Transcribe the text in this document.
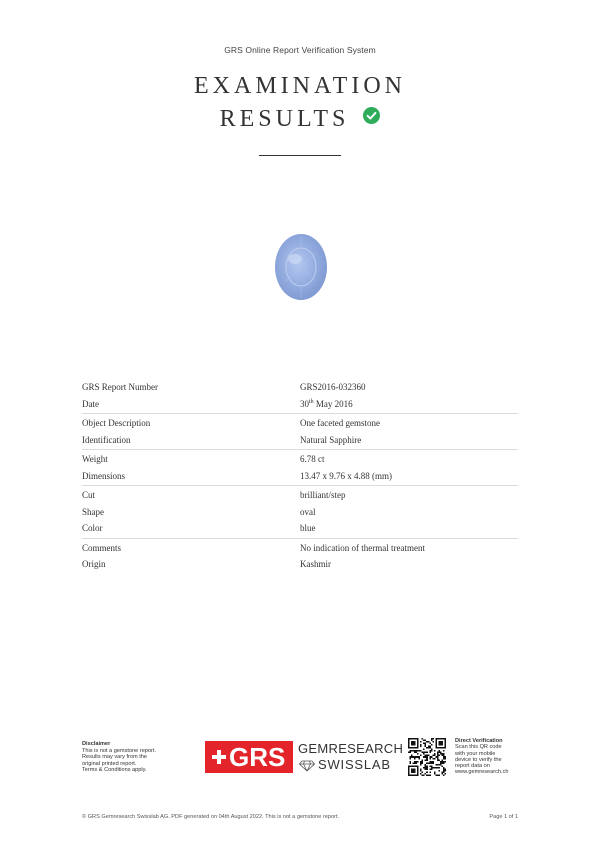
GRS Online Report Verification System
EXAMINATION
RESULTS
GRS Report Number	GRS2016-032360
Date	30th May 2016
Object Description	One faceted gemstone
Identification	Natural Sapphire
Weight	6.78 ct
Dimensions	13.47 x 9.76 x 4.88 (mm)
Cut	brilliant/step
Shape	oval
Color	blue
Comments	No indication of thermal treatment
Origin	Kashmir
Disclaimer
This is not a gemstone report.
Results may vary from the
original printed report.
Terms & Conditions apply.	GRS GEMRESEARCH
SWISSLAB
Direct Verification
Scan this QR code
with your mobile
device to verify the
report data on
www.gemresearch.ch
© GRS Gemresearch Swisslab AG. PDF generated on 04th August 2022. This is not a gemstone report.	Page 1 of 1
